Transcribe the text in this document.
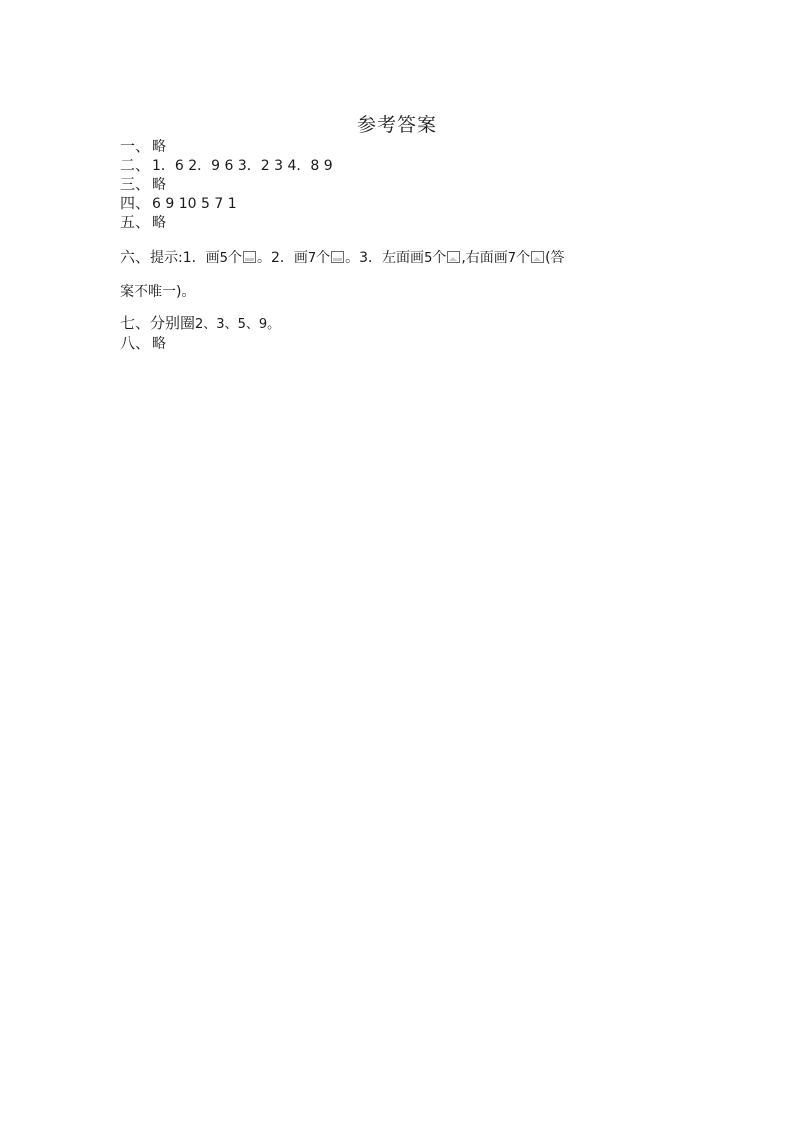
参考答案
一、 略
二、 1．6 2．9 6 3．2 3 4．8 9
三、 略
四、 6 9 10 5 7 1
五、 略
六、提示:1．画5个 。2．画7个 。3．左面画5个 ,右面画7个 (答
案不唯一)。
七、分别圈2、3、5、9。
八、 略
